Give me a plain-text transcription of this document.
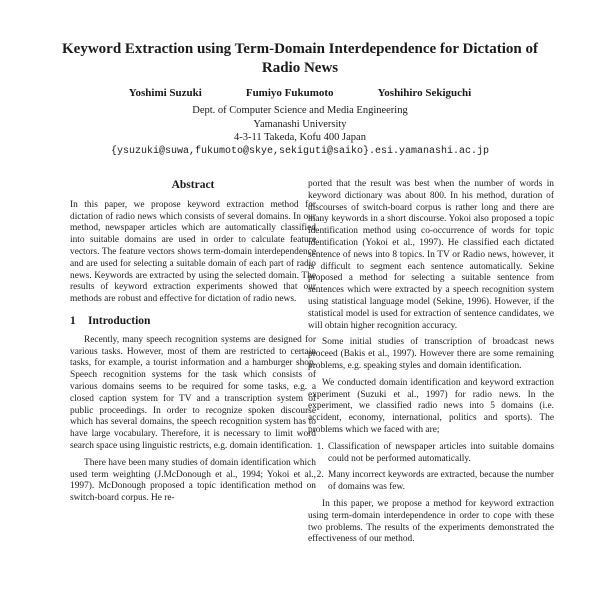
Keyword Extraction using Term-Domain Interdependence for Dictation of Radio News
Yoshimi Suzuki	Fumiyo Fukumoto	Yoshihiro Sekiguchi
Dept. of Computer Science and Media Engineering
Yamanashi University
4-3-11 Takeda, Kofu 400 Japan
{ysuzuki@suwa,fukumoto@skye,sekiguti@saiko}.esi.yamanashi.ac.jp
Abstract

In this paper, we propose keyword extraction method for dictation of radio news which consists of several domains. In our method, newspaper articles which are automatically classified into suitable domains are used in order to calculate feature vectors. The feature vectors shows term-domain interdependence and are used for selecting a suitable domain of each part of radio news. Keywords are extracted by using the selected domain. The results of keyword extraction experiments showed that our methods are robust and effective for dictation of radio news.

1 Introduction

Recently, many speech recognition systems are designed for various tasks. However, most of them are restricted to certain tasks, for example, a tourist information and a hamburger shop. Speech recognition systems for the task which consists of various domains seems to be required for some tasks, e.g. a closed caption system for TV and a transcription system of public proceedings. In order to recognize spoken discourse which has several domains, the speech recognition system has to have large vocabulary. Therefore, it is necessary to limit word search space using linguistic restricts, e.g. domain identification.

There have been many studies of domain identification which used term weighting (J.McDonough et al., 1994; Yokoi et al., 1997). McDonough proposed a topic identification method on switch-board corpus. He re-

ported that the result was best when the number of words in keyword dictionary was about 800. In his method, duration of discourses of switch-board corpus is rather long and there are many keywords in a short discourse. Yokoi also proposed a topic identification method using co-occurrence of words for topic identification (Yokoi et al., 1997). He classified each dictated sentence of news into 8 topics. In TV or Radio news, however, it is difficult to segment each sentence automatically. Sekine proposed a method for selecting a suitable sentence from sentences which were extracted by a speech recognition system using statistical language model (Sekine, 1996). However, if the statistical model is used for extraction of sentence candidates, we will obtain higher recognition accuracy.

Some initial studies of transcription of broadcast news proceed (Bakis et al., 1997). However there are some remaining problems, e.g. speaking styles and domain identification.

We conducted domain identification and keyword extraction experiment (Suzuki et al., 1997) for radio news. In the experiment, we classified radio news into 5 domains (i.e. accident, economy, international, politics and sports). The problems which we faced with are;

1. Classification of newspaper articles into suitable domains could not be performed automatically.
2. Many incorrect keywords are extracted, because the number of domains was few.

In this paper, we propose a method for keyword extraction using term-domain interdependence in order to cope with these two problems. The results of the experiments demonstrated the effectiveness of our method.
